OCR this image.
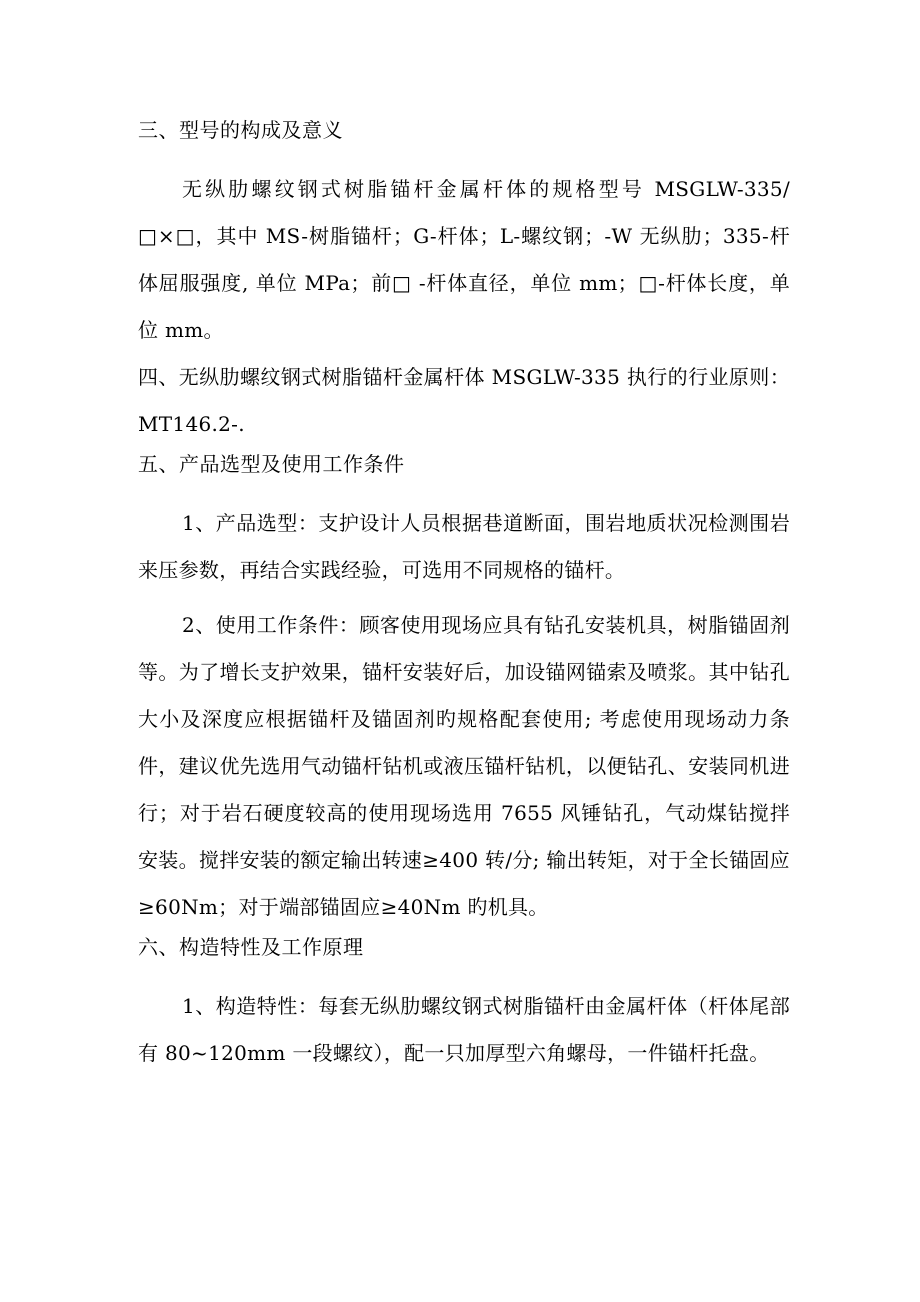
三、型号的构成及意义

无纵肋螺纹钢式树脂锚杆金属杆体的规格型号 MSGLW-335/□×□，其中 MS-树脂锚杆；G-杆体；L-螺纹钢；-W 无纵肋；335-杆体屈服强度, 单位 MPa；前□ -杆体直径，单位 mm；□-杆体长度，单位 mm。

四、无纵肋螺纹钢式树脂锚杆金属杆体 MSGLW-335 执行的行业原则：MT146.2-.

五、产品选型及使用工作条件

1、产品选型：支护设计人员根据巷道断面，围岩地质状况检测围岩来压参数，再结合实践经验，可选用不同规格的锚杆。

2、使用工作条件：顾客使用现场应具有钻孔安装机具，树脂锚固剂等。为了增长支护效果，锚杆安装好后，加设锚网锚索及喷浆。其中钻孔大小及深度应根据锚杆及锚固剂旳规格配套使用; 考虑使用现场动力条件，建议优先选用气动锚杆钻机或液压锚杆钻机，以便钻孔、安装同机进行；对于岩石硬度较高的使用现场选用 7655 风锤钻孔，气动煤钻搅拌安装。搅拌安装的额定输出转速≥400 转/分; 输出转矩，对于全长锚固应≥60Nm；对于端部锚固应≥40Nm 旳机具。

六、构造特性及工作原理

1、构造特性：每套无纵肋螺纹钢式树脂锚杆由金属杆体（杆体尾部有 80~120mm 一段螺纹），配一只加厚型六角螺母，一件锚杆托盘。
